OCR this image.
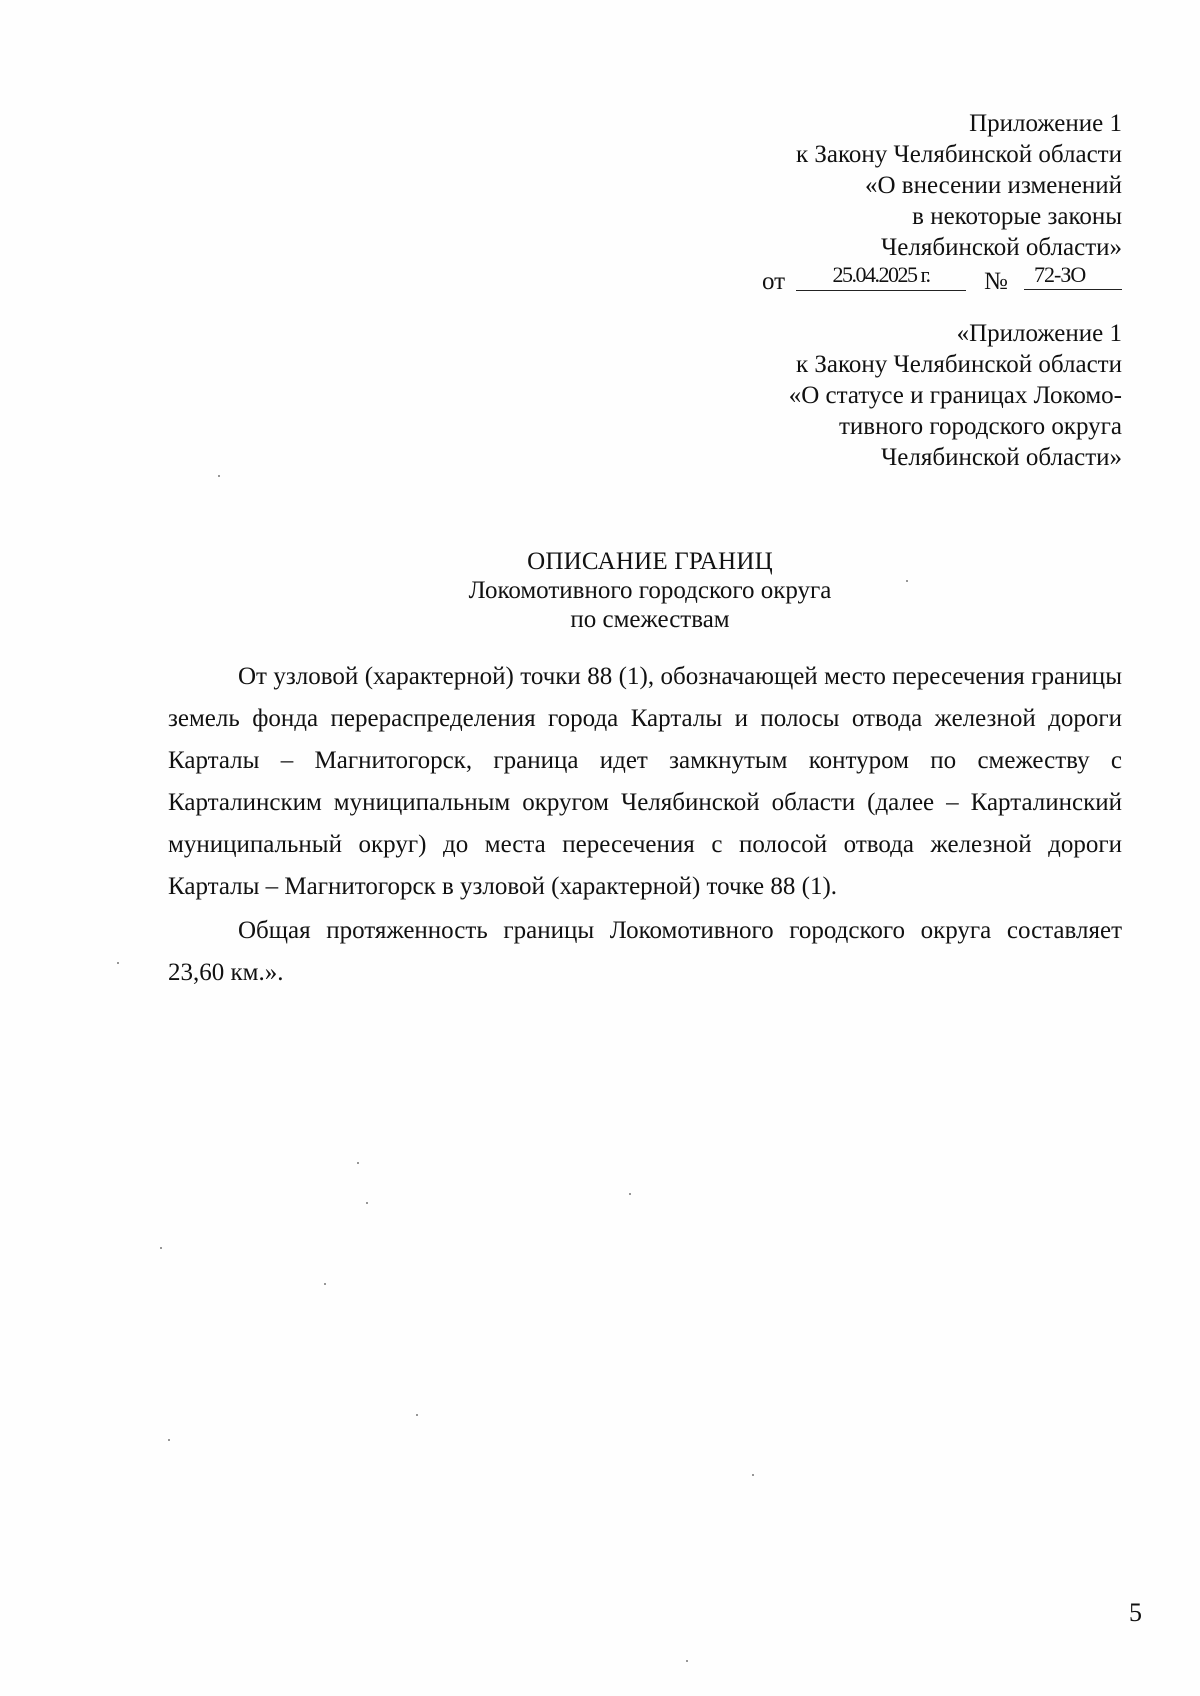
Приложение 1
к Закону Челябинской области
«О внесении изменений
в некоторые законы
Челябинской области»
от	25.04.2025 г.	№	72-ЗО
«Приложение 1
к Закону Челябинской области
«О статусе и границах Локомо-
тивного городского округа
Челябинской области»
ОПИСАНИЕ ГРАНИЦ
Локомотивного городского округа
по смежествам

От узловой (характерной) точки 88 (1), обозначающей место пересечения границы земель фонда перераспределения города Карталы и полосы отвода железной дороги Карталы – Магнитогорск, граница идет замкнутым контуром по смежеству с Карталинским муниципальным округом Челябинской области (далее – Карталинский муниципальный округ) до места пересечения с полосой отвода железной дороги Карталы – Магнитогорск в узловой (характерной) точке 88 (1).

Общая протяженность границы Локомотивного городского округа составляет 23,60 км.».

5
